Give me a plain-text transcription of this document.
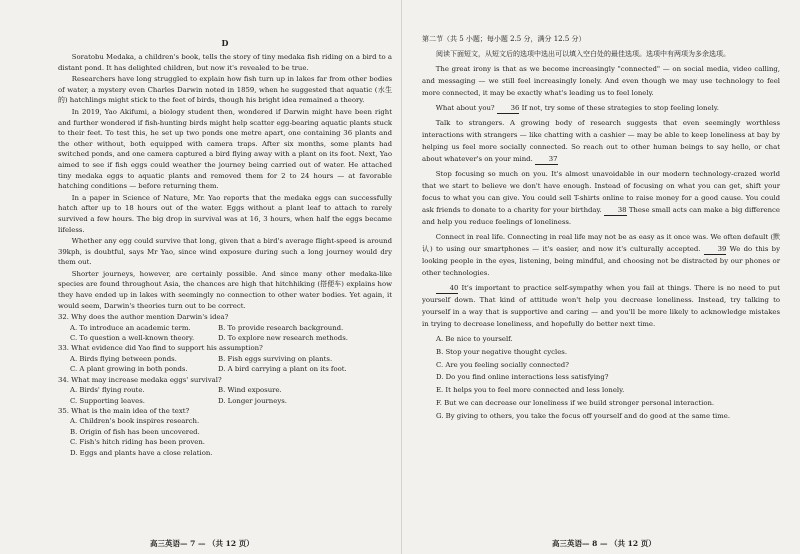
D

Soratobu Medaka, a children's book, tells the story of tiny medaka fish riding on a bird to a distant pond. It has delighted children, but now it's revealed to be true.

Researchers have long struggled to explain how fish turn up in lakes far from other bodies of water, a mystery even Charles Darwin noted in 1859, when he suggested that aquatic (水生的) hatchlings might stick to the feet of birds, though his bright idea remained a theory.

In 2019, Yao Akifumi, a biology student then, wondered if Darwin might have been right and further wondered if fish-hunting birds might help scatter egg-bearing aquatic plants stuck to their feet. To test this, he set up two ponds one metre apart, one containing 36 plants and the other without, both equipped with camera traps. After six months, some plants had switched ponds, and one camera captured a bird flying away with a plant on its foot. Next, Yao aimed to see if fish eggs could weather the journey being carried out of water. He attached tiny medaka eggs to aquatic plants and removed them for 2 to 24 hours — at favorable hatching conditions — before returning them.

In a paper in Science of Nature, Mr. Yao reports that the medaka eggs can successfully hatch after up to 18 hours out of the water. Eggs without a plant leaf to attach to rarely survived a few hours. The big drop in survival was at 16, 3 hours, when half the eggs became lifeless.

Whether any egg could survive that long, given that a bird's average flight-speed is around 39kph, is doubtful, says Mr Yao, since wind exposure during such a long journey would dry them out.

Shorter journeys, however, are certainly possible. And since many other medaka-like species are found throughout Asia, the chances are high that hitchhiking (搭便车) explains how they have ended up in lakes with seemingly no connection to other water bodies. Yet again, it would seem, Darwin's theories turn out to be correct.

32. Why does the author mention Darwin's idea?

A. To introduce an academic term.	B. To provide research background.
C. To question a well-known theory.	D. To explore new research methods.

33. What evidence did Yao find to support his assumption?

A. Birds flying between ponds.	B. Fish eggs surviving on plants.
C. A plant growing in both ponds.	D. A bird carrying a plant on its foot.

34. What may increase medaka eggs' survival?

A. Birds' flying route.	B. Wind exposure.
C. Supporting leaves.	D. Longer journeys.

35. What is the main idea of the text?

A. Children's book inspires research.
B. Origin of fish has been uncovered.
C. Fish's hitch riding has been proven.
D. Eggs and plants have a close relation.

第二节（共 5 小题；每小题 2.5 分，满分 12.5 分）

阅读下面短文，从短文后的选项中选出可以填入空白处的最佳选项。选项中有两项为多余选项。

The great irony is that as we become increasingly "connected" — on social media, video calling, and messaging — we still feel increasingly lonely. And even though we may use technology to feel more connected, it may be exactly what's leading us to feel lonely.

What about you? 36 If not, try some of these strategies to stop feeling lonely.

Talk to strangers. A growing body of research suggests that even seemingly worthless interactions with strangers — like chatting with a cashier — may be able to keep loneliness at bay by helping us feel more socially connected. So reach out to other human beings to say hello, or chat about whatever's on your mind. 37

Stop focusing so much on you. It's almost unavoidable in our modern technology-crazed world that we start to believe we don't have enough. Instead of focusing on what you can get, shift your focus to what you can give. You could sell T-shirts online to raise money for a good cause. You could ask friends to donate to a charity for your birthday. 38 These small acts can make a big difference and help you reduce feelings of loneliness.

Connect in real life. Connecting in real life may not be as easy as it once was. We often default (默认) to using our smartphones — it's easier, and now it's culturally accepted. 39 We do this by looking people in the eyes, listening, being mindful, and choosing not be distracted by our phones or other technologies.

40 It's important to practice self-sympathy when you fail at things. There is no need to put yourself down. That kind of attitude won't help you decrease loneliness. Instead, try talking to yourself in a way that is supportive and caring — and you'll be more likely to acknowledge mistakes in trying to decrease loneliness, and hopefully do better next time.

A. Be nice to yourself.

B. Stop your negative thought cycles.

C. Are you feeling socially connected?

D. Do you find online interactions less satisfying?

E. It helps you to feel more connected and less lonely.

F. But we can decrease our loneliness if we build stronger personal interaction.

G. By giving to others, you take the focus off yourself and do good at the same time.

高三英语— 7 — （共 12 页）	高三英语— 8 — （共 12 页）
